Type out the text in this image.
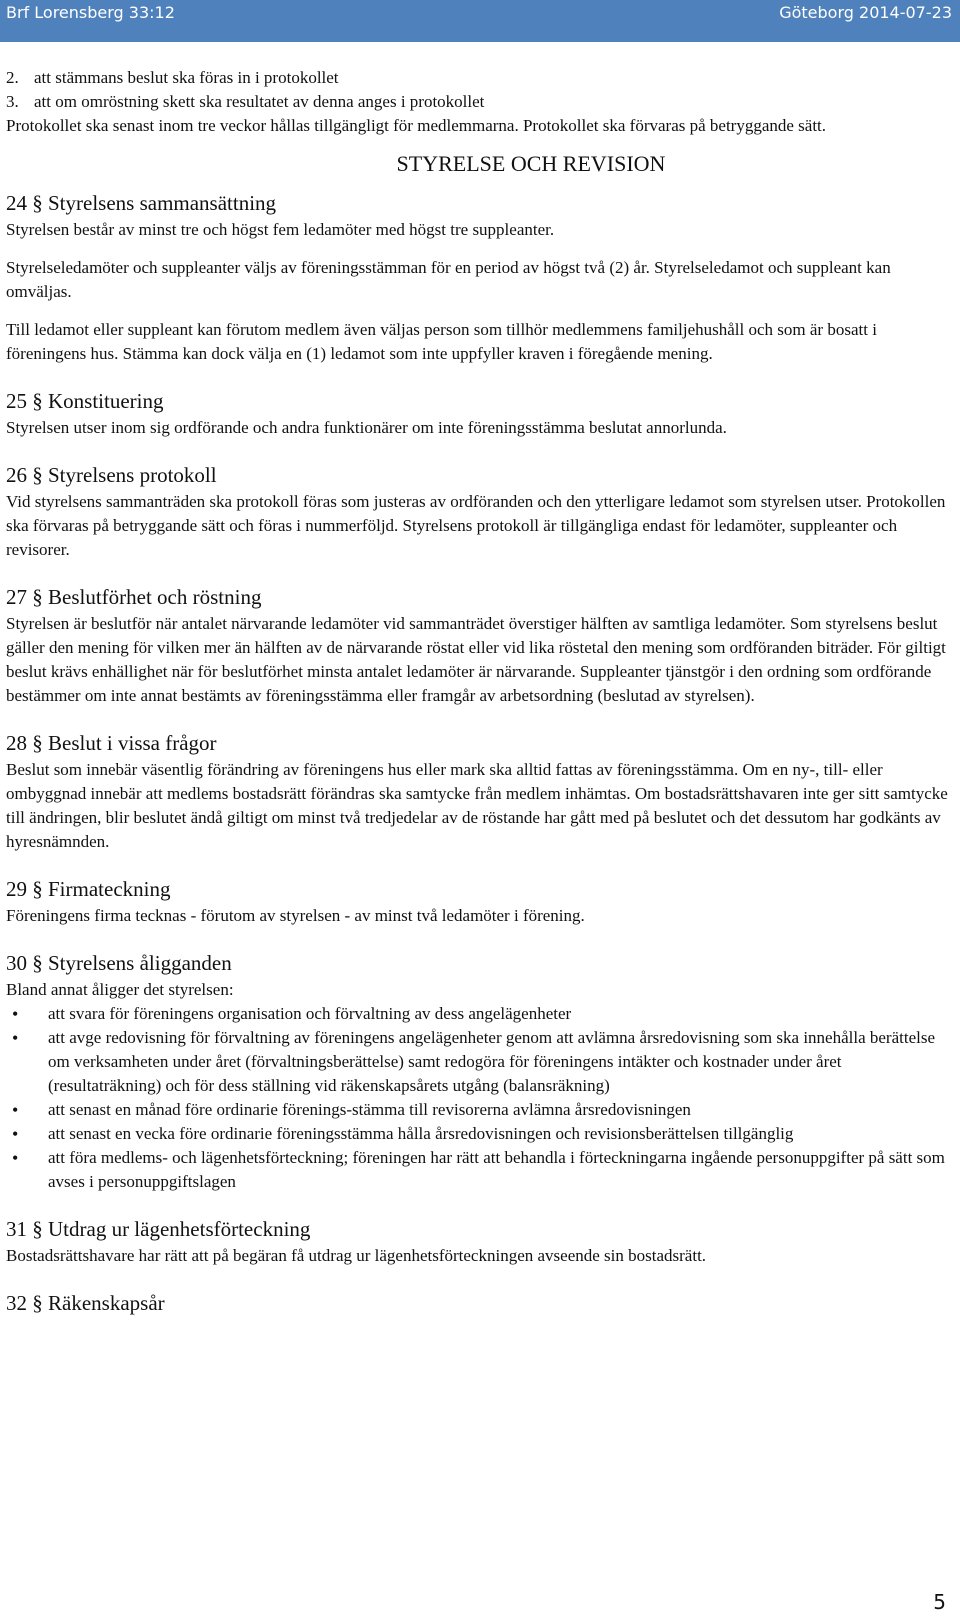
Brf Lorensberg 33:12	Göteborg 2014-07-23
2. att stämmans beslut ska föras in i protokollet
3. att om omröstning skett ska resultatet av denna anges i protokollet

Protokollet ska senast inom tre veckor hållas tillgängligt för medlemmarna. Protokollet ska förvaras på betryggande sätt.

STYRELSE OCH REVISION
24 § Styrelsens sammansättning

Styrelsen består av minst tre och högst fem ledamöter med högst tre suppleanter.

Styrelseledamöter och suppleanter väljs av föreningsstämman för en period av högst två (2) år. Styrelseledamot och suppleant kan omväljas.

Till ledamot eller suppleant kan förutom medlem även väljas person som tillhör medlemmens familjehushåll och som är bosatt i föreningens hus. Stämma kan dock välja en (1) ledamot som inte uppfyller kraven i föregående mening.

25 § Konstituering

Styrelsen utser inom sig ordförande och andra funktionärer om inte föreningsstämma beslutat annorlunda.

26 § Styrelsens protokoll

Vid styrelsens sammanträden ska protokoll föras som justeras av ordföranden och den ytterligare ledamot som styrelsen utser. Protokollen ska förvaras på betryggande sätt och föras i nummerföljd. Styrelsens protokoll är tillgängliga endast för ledamöter, suppleanter och revisorer.

27 § Beslutförhet och röstning

Styrelsen är beslutför när antalet närvarande ledamöter vid sammanträdet överstiger hälften av samtliga ledamöter. Som styrelsens beslut gäller den mening för vilken mer än hälften av de närvarande röstat eller vid lika röstetal den mening som ordföranden biträder. För giltigt beslut krävs enhällighet när för beslutförhet minsta antalet ledamöter är närvarande. Suppleanter tjänstgör i den ordning som ordförande bestämmer om inte annat bestämts av föreningsstämma eller framgår av arbetsordning (beslutad av styrelsen).

28 § Beslut i vissa frågor

Beslut som innebär väsentlig förändring av föreningens hus eller mark ska alltid fattas av föreningsstämma. Om en ny-, till- eller ombyggnad innebär att medlems bostadsrätt förändras ska samtycke från medlem inhämtas. Om bostadsrättshavaren inte ger sitt samtycke till ändringen, blir beslutet ändå giltigt om minst två tredjedelar av de röstande har gått med på beslutet och det dessutom har godkänts av hyresnämnden.

29 § Firmateckning

Föreningens firma tecknas - förutom av styrelsen - av minst två ledamöter i förening.

30 § Styrelsens åligganden

Bland annat åligger det styrelsen:

• att svara för föreningens organisation och förvaltning av dess angelägenheter
• att avge redovisning för förvaltning av föreningens angelägenheter genom att avlämna årsredovisning som ska innehålla berättelse om verksamheten under året (förvaltningsberättelse) samt redogöra för föreningens intäkter och kostnader under året (resultaträkning) och för dess ställning vid räkenskapsårets utgång (balansräkning)
• att senast en månad före ordinarie förenings-stämma till revisorerna avlämna årsredovisningen
• att senast en vecka före ordinarie föreningsstämma hålla årsredovisningen och revisionsberättelsen tillgänglig
• att föra medlems- och lägenhetsförteckning; föreningen har rätt att behandla i förteckningarna ingående personuppgifter på sätt som avses i personuppgiftslagen
31 § Utdrag ur lägenhetsförteckning

Bostadsrättshavare har rätt att på begäran få utdrag ur lägenhetsförteckningen avseende sin bostadsrätt.

32 § Räkenskapsår
5
